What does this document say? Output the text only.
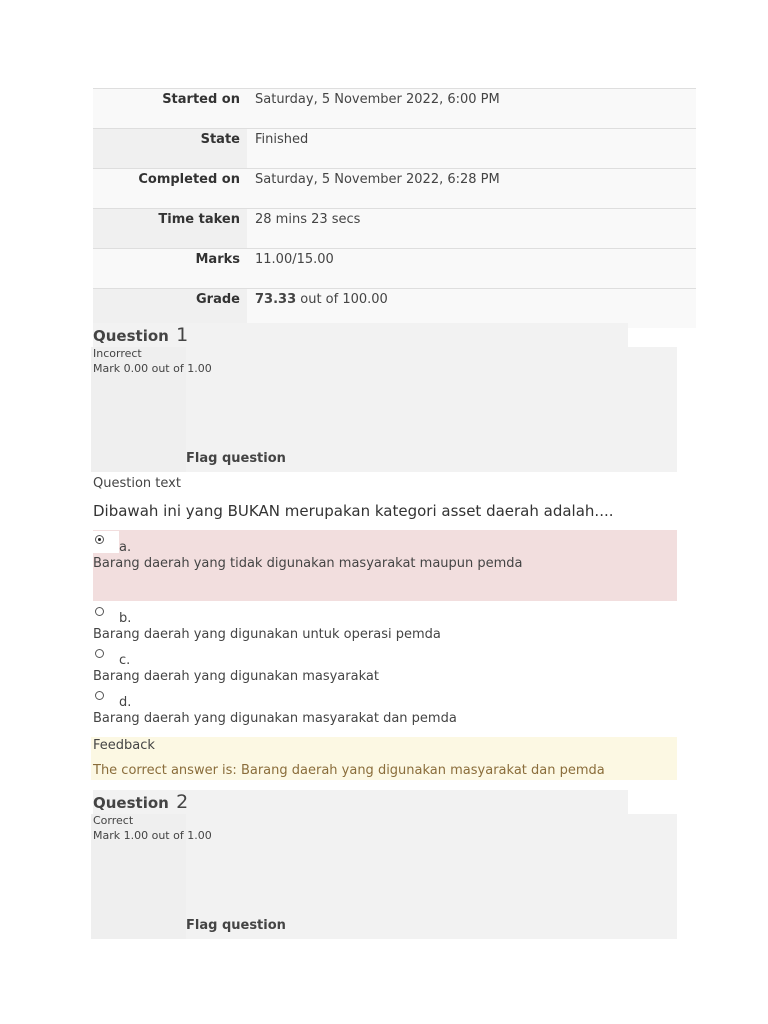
Started on	Saturday, 5 November 2022, 6:00 PM
State	Finished
Completed on	Saturday, 5 November 2022, 6:28 PM
Time taken	28 mins 23 secs
Marks	11.00/15.00
Grade	73.33 out of 100.00
Question 1
Incorrect
Mark 0.00 out of 1.00
Flag question
Question text
Dibawah ini yang BUKAN merupakan kategori asset daerah adalah....
a.
Barang daerah yang tidak digunakan masyarakat maupun pemda
b.
Barang daerah yang digunakan untuk operasi pemda
c.
Barang daerah yang digunakan masyarakat
d.
Barang daerah yang digunakan masyarakat dan pemda
Feedback
The correct answer is: Barang daerah yang digunakan masyarakat dan pemda
Question 2
Correct
Mark 1.00 out of 1.00
Flag question
